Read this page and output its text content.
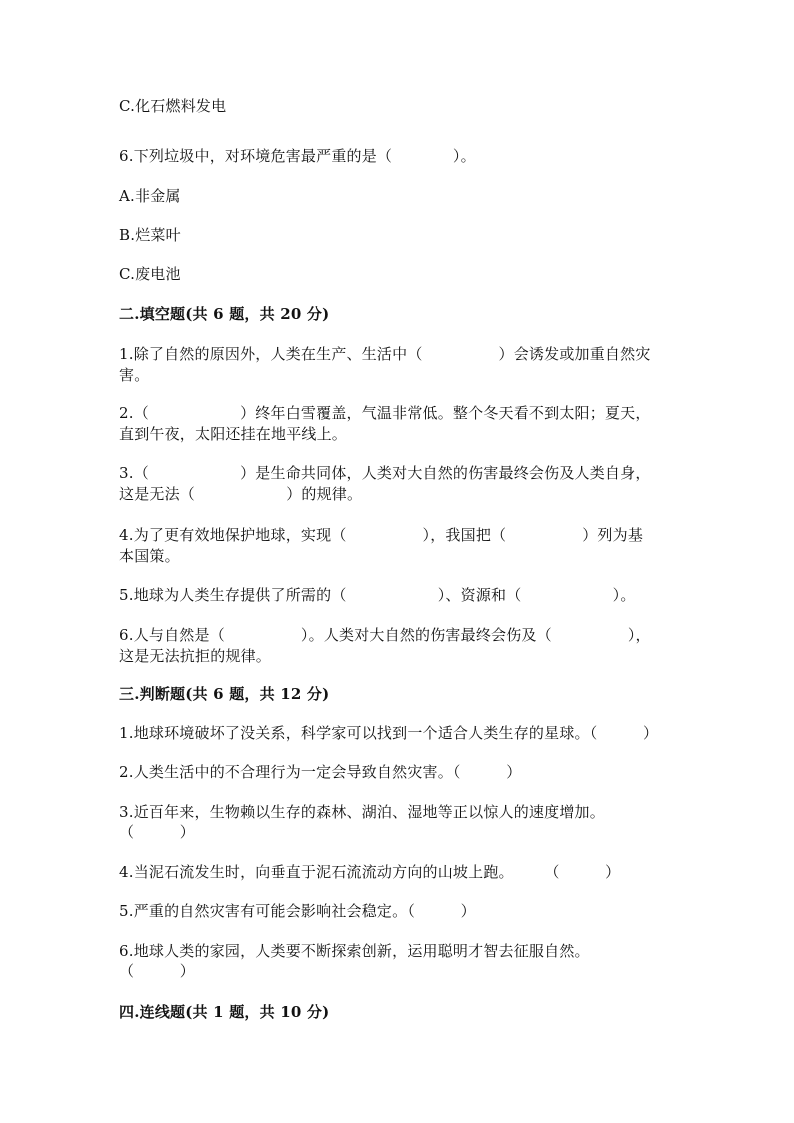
C.化石燃料发电
6.下列垃圾中，对环境危害最严重的是（　　　　）。
A.非金属
B.烂菜叶
C.废电池
二.填空题(共 6 题，共 20 分)
1.除了自然的原因外，人类在生产、生活中（　　　　　）会诱发或加重自然灾
害。
2.（　　　　　　）终年白雪覆盖，气温非常低。整个冬天看不到太阳；夏天，
直到午夜，太阳还挂在地平线上。
3.（　　　　　　）是生命共同体，人类对大自然的伤害最终会伤及人类自身，
这是无法（　　　　　　）的规律。
4.为了更有效地保护地球，实现（　　　　　），我国把（　　　　　）列为基
本国策。
5.地球为人类生存提供了所需的（　　　　　　）、资源和（　　　　　　）。
6.人与自然是（　　　　　）。人类对大自然的伤害最终会伤及（　　　　　），
这是无法抗拒的规律。
三.判断题(共 6 题，共 12 分)
1.地球环境破坏了没关系，科学家可以找到一个适合人类生存的星球。（　　　）
2.人类生活中的不合理行为一定会导致自然灾害。（　　　）
3.近百年来，生物赖以生存的森林、湖泊、湿地等正以惊人的速度增加。
（　　　）
4.当泥石流发生时，向垂直于泥石流流动方向的山坡上跑。　　　（　　　）
5.严重的自然灾害有可能会影响社会稳定。（　　　）
6.地球人类的家园，人类要不断探索创新，运用聪明才智去征服自然。
（　　　）
四.连线题(共 1 题，共 10 分)
